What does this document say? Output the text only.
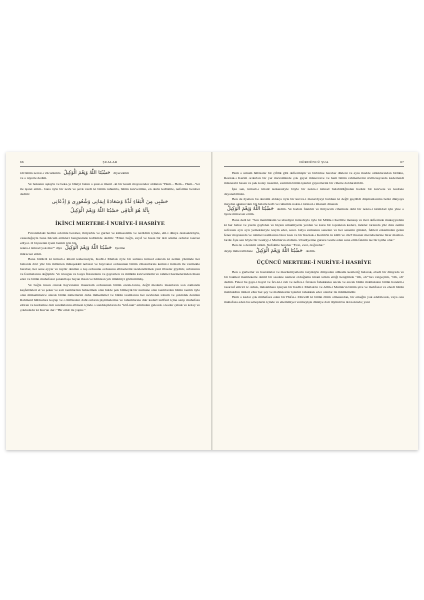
66	ŞUALAR

idi bütün zerrat-ı vücudumla حَسْبُنَا اللّٰهُ وَنِعْمَ الْوَكِيلُ diyecektim

ve o niyetle dedim.

Ve bekanın aşkıyla ve beka-yı bâkiyi bulan o şuur-u imanî –ki bir kısım mayoreteler aldıktan "Hem... Hem... Hem..."ler ile işaret ettim– bana öyle bir zevk ve şevk verdi ki bütün ruhumla, bütün kuvvetimle, en derin kalbimle, nefsimle beraber dedim:

حَسْبِى مِنَ الْبَقَاءِ لَذَّةً وَسَعَادَةً اِيمَانِى وَشُعُورِى وَ اِذْعَانِى
بِاَنَّهُ هُوَ الْبَاقِى حَسْبُنَا اللّٰهُ وَنِعْمَ الْوَكِيلُ
İKİNCİ MERTEBE-İ NURİYE-İ HASBİYE

Fıtratımdaki bedâiz acizmle beraber, ihtiyarlık ve gurbet ve kimsesizlik ve terdidim içinde, ehl-i dünya desisekârlıyla, casusluğuyla bana hücum ettikleri bengiesinde kalbimde dedim: "Ellerı bağlı, zayıf ve hasta bir ikti adama ordular taarruz ediyor. O biçarenin iyeni benim için bir

nokta-i istinad yok mu?" diye حَسْبُنَا اللّٰهُ وَنِعْمَ الْوَكِيلُ âyetine

müracaat ettim.

Bana bildirdi ki intisab-ı imanî tezkerasiyle, Kadîr-i Mutlak öyle bir sultana intisad edersin ki zemin yüzünde her baharda dört yüz bin milletten müteşekkil nebatat ve hayvanat ordusunun bütün cihazatlarını kemal-i intizam ile vermekle beraber, her sene eyyar ve tuydır denilen o kış orduıunu ordusunu elbiselerini tazelendirmek yeni ilbaslar giydirir, urbalarını ve fonmalarını değiştirir. Ve tavugus ve louya fistandarnı ve gayretlerı ve mülkün kuvvetidemi ve rahmet hazinelerinden ihsan eder ve bütün muhafazat şanınıllaşa bayan ihsan ve hâmisan yılı ümümiyi görünürmüş.

Ve bağta insan olarak hayvanatın muazzam ordusunun bütün erzak-larını, değil mederis insanların son zamanda keşfettikleri et ve şeker ve sair taamlardan bahsetmek olan halde pek bilmeyik bir numune olan taamlardan bütün taamlı öyle olan mükemmelce alarak bütün nimetlerini daha mükemmel ve bütün taamlarını her nevinden tohum ve çekirdek denilen Rahmanî hülâsalara koyup ve o hülâsaları dahi onların pişirmelerine ve tohumlarına dair kaderî tarifleri içine sarıp muhafaza ettiren ve kudretine dair sandıklarını elbisesi içinde o sandıkçıkların da "kâf-nun" emrinden gelecek o kadar çabuk ve kolay ve çokludadır ki Kur'an der: "Bir emir ile yaptır."

DÖRDÜNCÜ ŞUA	67

Hem o umum hülâsalar bir çiftlik gibi deftermiştir ve birbirine beraber dikleni ve aynı madde olduklarından birlikte, Rezzak-ı Kerim orderları bir yer mevsiminde çok gayet müzerveve ve hem bütün rahmetlerini sivilizasyonda kaderlendi müsterebi basan ve pek kolay tasarmıl, zemmin bütün işlerini gayretlerini bir cihette doldurabildir.

İşte sen, intisab-ı imanî tezkeresiyle böyle bir nokta-i istinad bulabildiğinden hadsiz bir kuvvete ve kudrete dayanabilirsin.

Ben de âyetten bu dersimi aldıkça öyle bir kuvve-i manevîyeyi bulduın ki değil geçdildi düşmanlarıma belki dünyaya meydan okuturcaktı bir halatle kalb ve ruhumla nokta-i istinad-ı imaneti dinerek

حَسْبُنَا اللّٰهُ وَنِعْمَ الْوَكِيلُ dedim. Ve hadsiz fakirim ve ihtiyacım cihetinde dahi bir nokta-i istimdad için yine o âyete müracaat ettim.

Bana dedi ki: "Sen memlüksün ve ubudiyet intisabıyla öyle bir Mâlik-i Kerîm'e mensup ve ileri defterinde mukayyedsin ki her bahar ve yazda gaybden ve hiçten umumiyetle yerden ve kuru bir topraktan kaderi, indeler tarzında yüz dala zemin sofrasını ayrı ayrı yemeklerıyle tesyin eder, serer. Güya zamanını senelerı ve her senenin günleri, fehleri erkamndan gelen fener mayasında ve rahmet taamlarına birer kazı ve bir Rezzak-ı Kerim'in in külli ve cüz'î ihsanat mertebelerine birer mazhar-lardır. İşte sen böyle bir Ganiyy-i Mutlak'ın abdisin. Ubudiyetine gururu vesile eden sana elim fakirin ise bir iştiha olur."

Ben de o dersimi aldım. Nefsimle beraber "Evet, evet, doğrudur."

deyip mütevellidane حَسْبُنَا اللّٰهُ وَنِعْمَ الْوَكِيلُ dedim.

ÜÇÜNCÜ MERTEBE-İ NURİYE-İ HASBİYE

Ben o gurbetler ve hastalıklar ve mazlumiyetlerin tazyikiyle dünyadan alâkamı kesileriğ bularak, ebedi bir dünyada ve bir bakikal memleketle daimî bir saadete namzet olduğumu imani telkin ettiği hengâmda "Oh, oh"'ları vaigeçtim, "Oh, oh" dedim. Fakat bu gaye-i hayal ve fev-ki-i ruh ve nefice-i fıtraten fahakkuku ancak ve ancak bütün mahlukatın bütün harekât-ı tasarruf ettirici iz olduk, müsiahhere işleyen bir Kadîr-i Mutlak'ın ve Alîm-i Mutlak'ın bütün şive ve mahfazat ve ebedi bütün mahlukâtın tünleri eller her şey ve mahlukatlar işlerini tahakkuk eder olanlar ile mümkündür.

Hem o kadar çok mühafaza eden bir Hafız-ı Zülcelâl ki bütün ölüm olmasından, bir emeğin yok edebilecek, veya onu muhafaza eden bu sebeplerin içinde ve ehemmiyet vermeyişle dünüye dair tüyünü bu iki noktada; yani
